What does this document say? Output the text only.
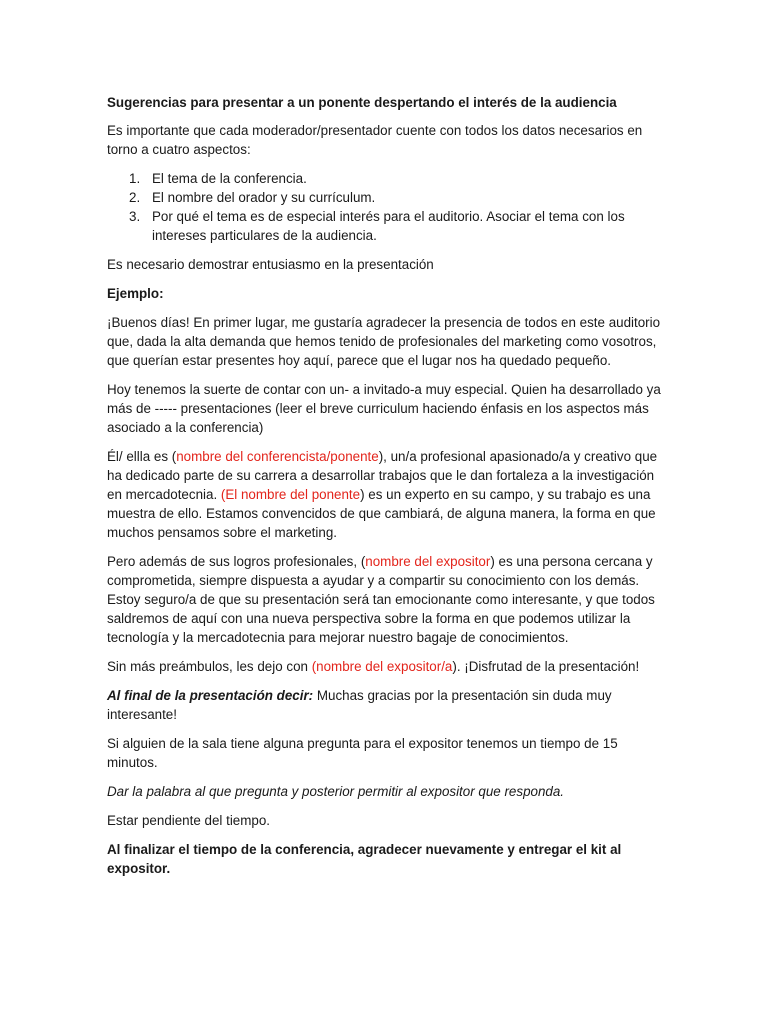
Sugerencias para presentar a un ponente despertando el interés de la audiencia

Es importante que cada moderador/presentador cuente con todos los datos necesarios en torno a cuatro aspectos:

1. El tema de la conferencia.
2. El nombre del orador y su currículum.
3. Por qué el tema es de especial interés para el auditorio. Asociar el tema con los intereses particulares de la audiencia.

Es necesario demostrar entusiasmo en la presentación

Ejemplo:

¡Buenos días! En primer lugar, me gustaría agradecer la presencia de todos en este auditorio que, dada la alta demanda que hemos tenido de profesionales del marketing como vosotros, que querían estar presentes hoy aquí, parece que el lugar nos ha quedado pequeño.

Hoy tenemos la suerte de contar con un- a invitado-a muy especial. Quien ha desarrollado ya más de ----- presentaciones (leer el breve curriculum haciendo énfasis en los aspectos más asociado a la conferencia)

Él/ ellla es (nombre del conferencista/ponente), un/a profesional apasionado/a y creativo que ha dedicado parte de su carrera a desarrollar trabajos que le dan fortaleza a la investigación en mercadotecnia. (El nombre del ponente) es un experto en su campo, y su trabajo es una muestra de ello. Estamos convencidos de que cambiará, de alguna manera, la forma en que muchos pensamos sobre el marketing.

Pero además de sus logros profesionales, (nombre del expositor) es una persona cercana y comprometida, siempre dispuesta a ayudar y a compartir su conocimiento con los demás. Estoy seguro/a de que su presentación será tan emocionante como interesante, y que todos saldremos de aquí con una nueva perspectiva sobre la forma en que podemos utilizar la tecnología y la mercadotecnia para mejorar nuestro bagaje de conocimientos.

Sin más preámbulos, les dejo con (nombre del expositor/a). ¡Disfrutad de la presentación!

Al final de la presentación decir: Muchas gracias por la presentación sin duda muy interesante!

Si alguien de la sala tiene alguna pregunta para el expositor tenemos un tiempo de 15 minutos.

Dar la palabra al que pregunta y posterior permitir al expositor que responda.

Estar pendiente del tiempo.

Al finalizar el tiempo de la conferencia, agradecer nuevamente y entregar el kit al expositor.
